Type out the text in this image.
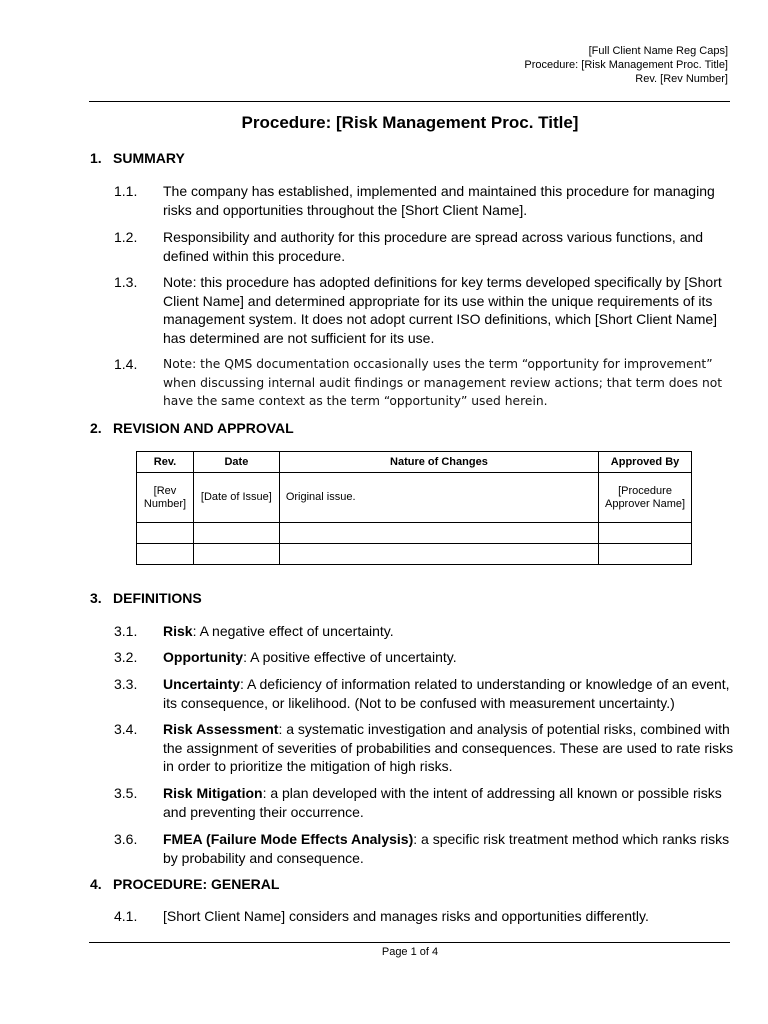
[Full Client Name Reg Caps]
Procedure: [Risk Management Proc. Title]
Rev. [Rev Number]
Procedure: [Risk Management Proc. Title]
1. SUMMARY
1.1. The company has established, implemented and maintained this procedure for managing risks and opportunities throughout the [Short Client Name].
1.2. Responsibility and authority for this procedure are spread across various functions, and defined within this procedure.
1.3. Note: this procedure has adopted definitions for key terms developed specifically by [Short Client Name] and determined appropriate for its use within the unique requirements of its management system. It does not adopt current ISO definitions, which [Short Client Name] has determined are not sufficient for its use.
1.4. Note: the QMS documentation occasionally uses the term “opportunity for improvement” when discussing internal audit findings or management review actions; that term does not have the same context as the term “opportunity” used herein.
2. REVISION AND APPROVAL
Rev.	Date	Nature of Changes	Approved By
[Rev Number]	[Date of Issue]	Original issue.	[Procedure Approver Name]

3. DEFINITIONS
3.1. Risk: A negative effect of uncertainty.
3.2. Opportunity: A positive effective of uncertainty.
3.3. Uncertainty: A deficiency of information related to understanding or knowledge of an event, its consequence, or likelihood. (Not to be confused with measurement uncertainty.)
3.4. Risk Assessment: a systematic investigation and analysis of potential risks, combined with the assignment of severities of probabilities and consequences. These are used to rate risks in order to prioritize the mitigation of high risks.
3.5. Risk Mitigation: a plan developed with the intent of addressing all known or possible risks and preventing their occurrence.
3.6. FMEA (Failure Mode Effects Analysis): a specific risk treatment method which ranks risks by probability and consequence.
4. PROCEDURE: GENERAL
4.1. [Short Client Name] considers and manages risks and opportunities differently.
Page 1 of 4
